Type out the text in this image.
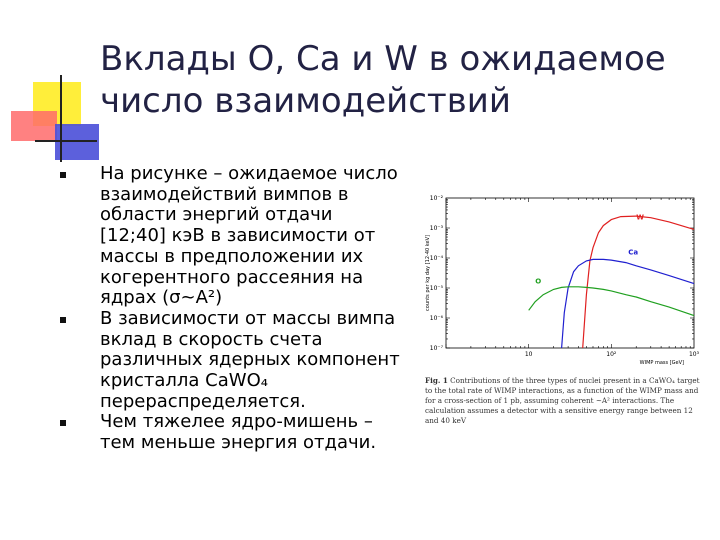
Вклады О, Са и W в ожидаемое число взаимодействий
На рисунке – ожидаемое число взаимодействий вимпов в области энергий отдачи [12;40] кэВ в зависимости от массы в предположении их когерентного рассеяния на ядрах (σ~A²)
В зависимости от массы вимпа вклад в скорость счета различных ядерных компонент кристалла CaWO₄ перераспределяется.
Чем тяжелее ядро-мишень – тем меньше энергия отдачи.
10	10²	10³
10⁻²
10⁻³
10⁻⁴
10⁻⁵
10⁻⁶
10⁻⁷
WIMP mass [GeV]
counts per kg day [12-40 keV]
W
Ca
O
Fig. 1 Contributions of the three types of nuclei present in a CaWO₄ target to the total rate of WIMP interactions, as a function of the WIMP mass and for a cross-section of 1 pb, assuming coherent ~A² interactions. The calculation assumes a detector with a sensitive energy range between 12 and 40 keV
